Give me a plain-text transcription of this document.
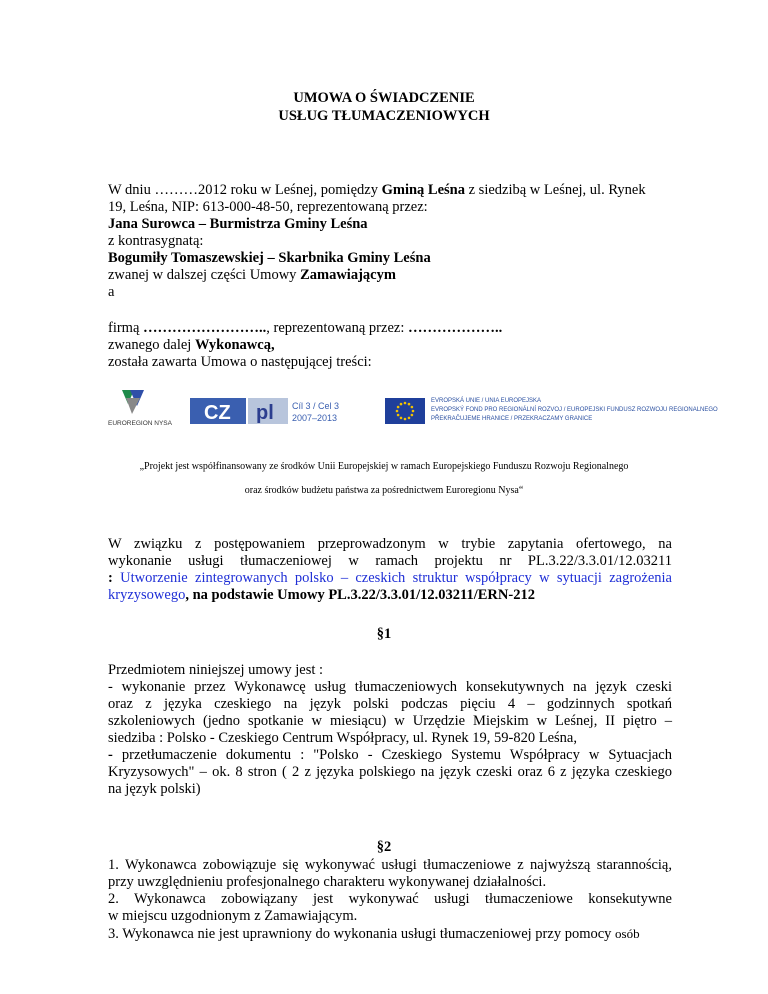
UMOWA O ŚWIADCZENIE
USŁUG TŁUMACZENIOWYCH

W dniu ………2012 roku w Leśnej, pomiędzy Gminą Leśna z siedzibą w Leśnej, ul. Rynek

19, Leśna, NIP: 613-000-48-50, reprezentowaną przez:

Jana Surowca – Burmistrza Gminy Leśna

z kontrasygnatą:

Bogumiły Tomaszewskiej – Skarbnika Gminy Leśna

zwanej w dalszej części Umowy Zamawiającym

a

firmą …………………….., reprezentowaną przez: ………………..

zwanego dalej Wykonawcą,

została zawarta Umowa o następującej treści:

EUROREGION NYSA CZ pl Cíl 3 / Cel 3
2007–2013
EVROPSKÁ UNIE / UNIA EUROPEJSKA
EVROPSKÝ FOND PRO REGIONÁLNÍ ROZVOJ / EUROPEJSKI FUNDUSZ ROZWOJU REGIONALNEGO
PŘEKRAČUJEME HRANICE / PRZEKRACZAMY GRANICE
„Projekt jest współfinansowany ze środków Unii Europejskiej w ramach Europejskiego Funduszu Rozwoju Regionalnego
oraz środków budżetu państwa za pośrednictwem Euroregionu Nysa“

W związku z postępowaniem przeprowadzonym w trybie zapytania ofertowego, na

wykonanie usługi tłumaczeniowej w ramach projektu nr PL.3.22/3.3.01/12.03211

: Utworzenie zintegrowanych polsko – czeskich struktur współpracy w sytuacji zagrożenia

kryzysowego, na podstawie Umowy PL.3.22/3.3.01/12.03211/ERN-212

§1

Przedmiotem niniejszej umowy jest :

- wykonanie przez Wykonawcę usług tłumaczeniowych konsekutywnych na język czeski

oraz z języka czeskiego na język polski podczas pięciu 4 – godzinnych spotkań

szkoleniowych (jedno spotkanie w miesiącu) w Urzędzie Miejskim w Leśnej, II piętro –

siedziba : Polsko - Czeskiego Centrum Współpracy, ul. Rynek 19, 59-820 Leśna,

- przetłumaczenie dokumentu : "Polsko - Czeskiego Systemu Współpracy w Sytuacjach

Kryzysowych" – ok. 8 stron ( 2 z języka polskiego na język czeski oraz 6 z języka czeskiego

na język polski)

§2

1. Wykonawca zobowiązuje się wykonywać usługi tłumaczeniowe z najwyższą starannością,

przy uwzględnieniu profesjonalnego charakteru wykonywanej działalności.

2. Wykonawca zobowiązany jest wykonywać usługi tłumaczeniowe konsekutywne

w miejscu uzgodnionym z Zamawiającym.

3. Wykonawca nie jest uprawniony do wykonania usługi tłumaczeniowej przy pomocy osób
